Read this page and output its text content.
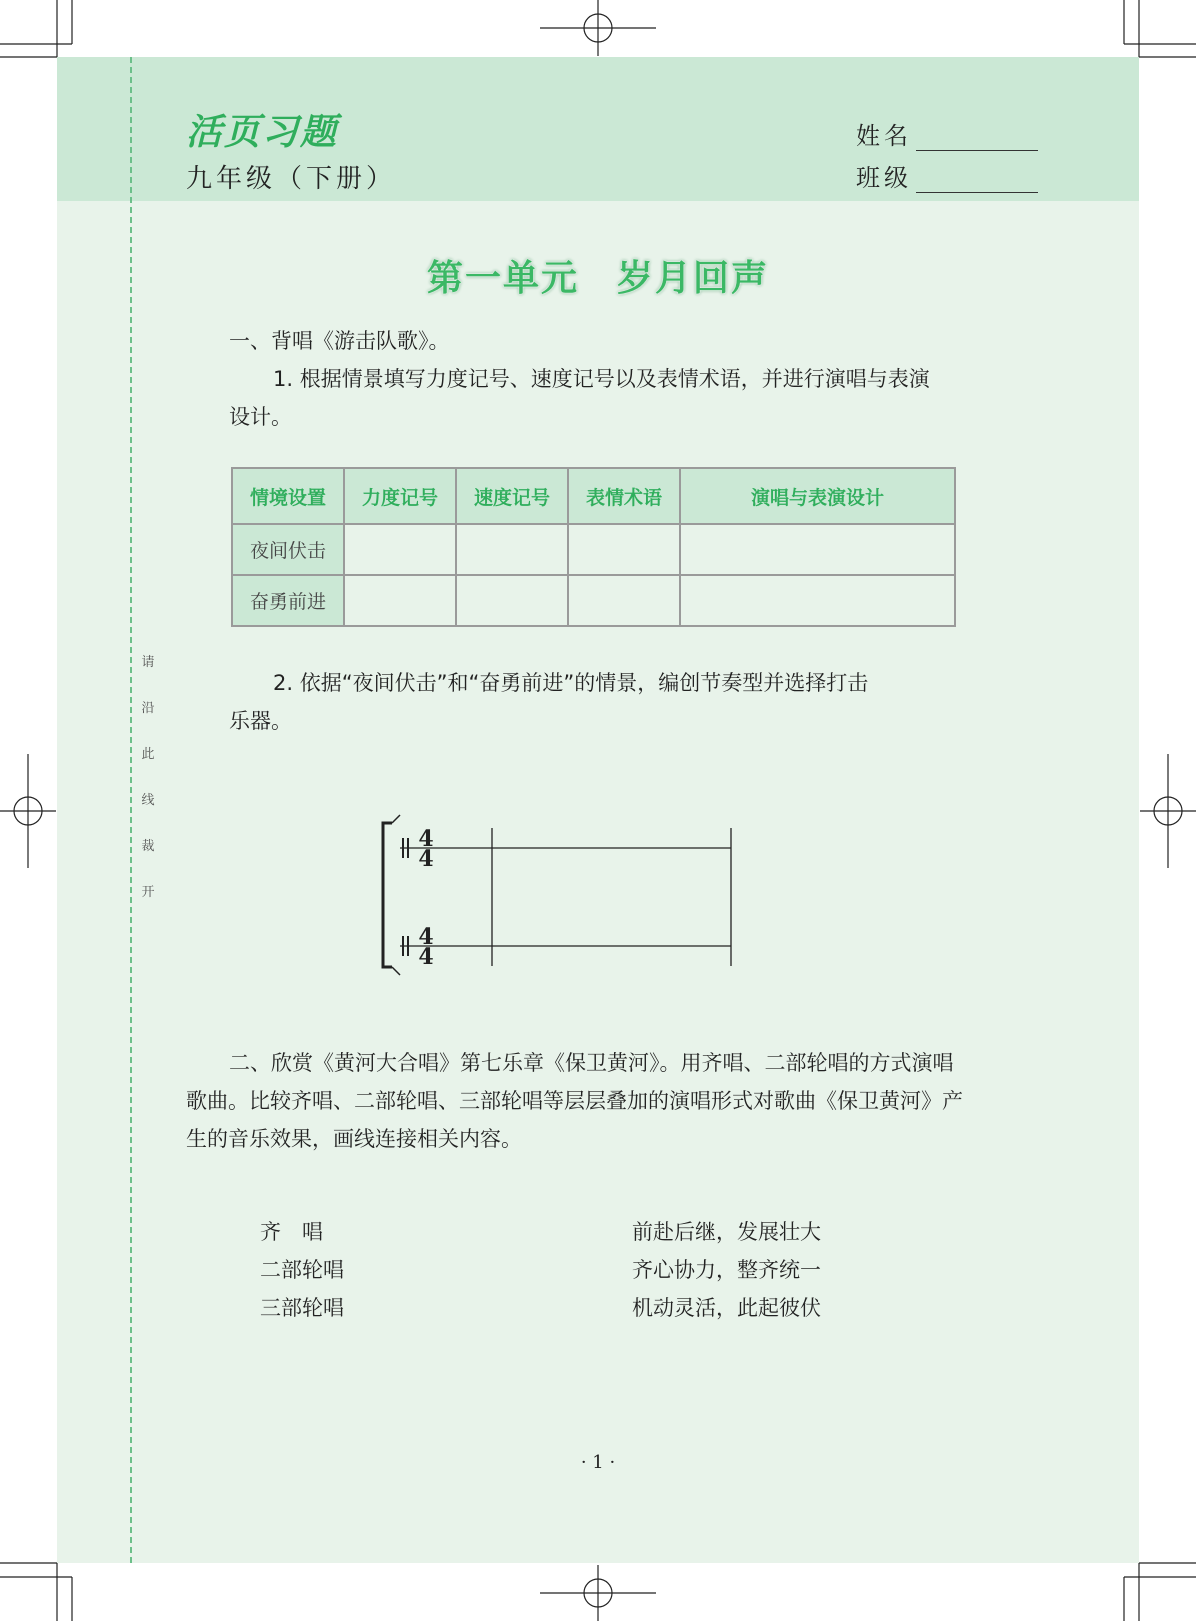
请
沿
此
线
裁
开
活页习题
九年级（下册）
姓名
班级
第一单元　岁月回声
一、背唱《游击队歌》。
1. 根据情景填写力度记号、速度记号以及表情术语，并进行演唱与表演
设计。
情境设置	力度记号	速度记号	表情术语	演唱与表演设计
夜间伏击				
奋勇前进				
2. 依据“夜间伏击”和“奋勇前进”的情景，编创节奏型并选择打击
乐器。
4
4
4
4
二、欣赏《黄河大合唱》第七乐章《保卫黄河》。用齐唱、二部轮唱的方式演唱
歌曲。比较齐唱、二部轮唱、三部轮唱等层层叠加的演唱形式对歌曲《保卫黄河》产
生的音乐效果，画线连接相关内容。
齐　唱
二部轮唱
三部轮唱
前赴后继，发展壮大
齐心协力，整齐统一
机动灵活，此起彼伏
· 1 ·
